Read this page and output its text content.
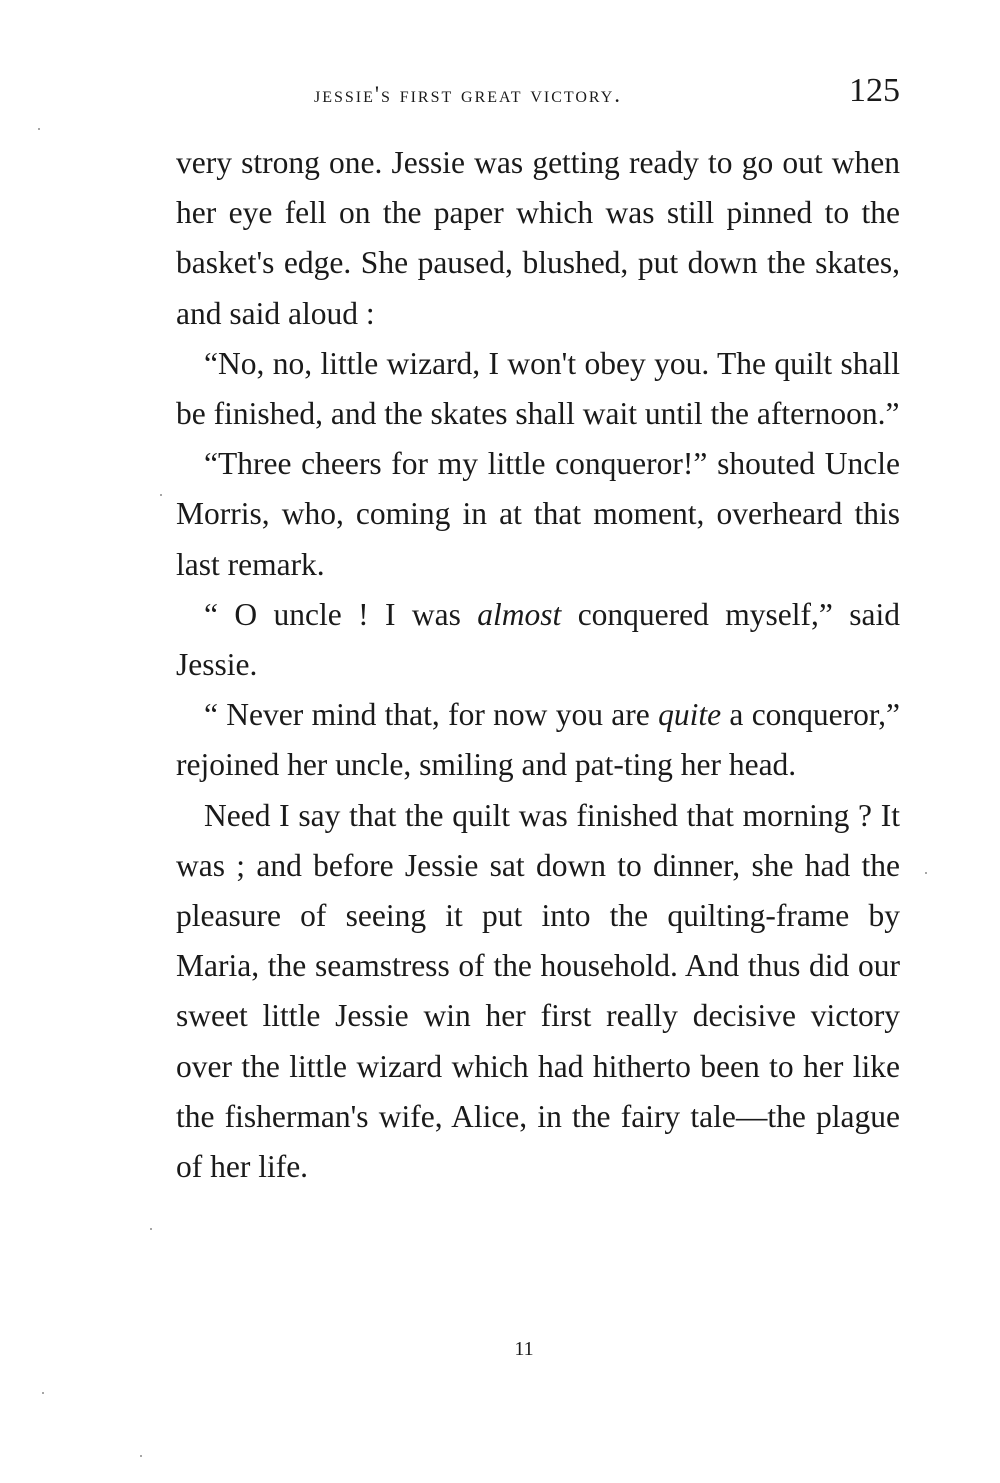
jessie's first great victory.	125

very strong one. Jessie was getting ready to go out when her eye fell on the paper which was still pinned to the basket's edge. She paused, blushed, put down the skates, and said aloud :

“No, no, little wizard, I won't obey you. The quilt shall be finished, and the skates shall wait until the afternoon.”

“Three cheers for my little conqueror!” shouted Uncle Morris, who, coming in at that moment, overheard this last remark.

“ O uncle ! I was almost conquered myself,” said Jessie.

“ Never mind that, for now you are quite a conqueror,” rejoined her uncle, smiling and pat-ting her head.

Need I say that the quilt was finished that morning ? It was ; and before Jessie sat down to dinner, she had the pleasure of seeing it put into the quilting-frame by Maria, the seamstress of the household. And thus did our sweet little Jessie win her first really decisive victory over the little wizard which had hitherto been to her like the fisherman's wife, Alice, in the fairy tale—the plague of her life.

11
